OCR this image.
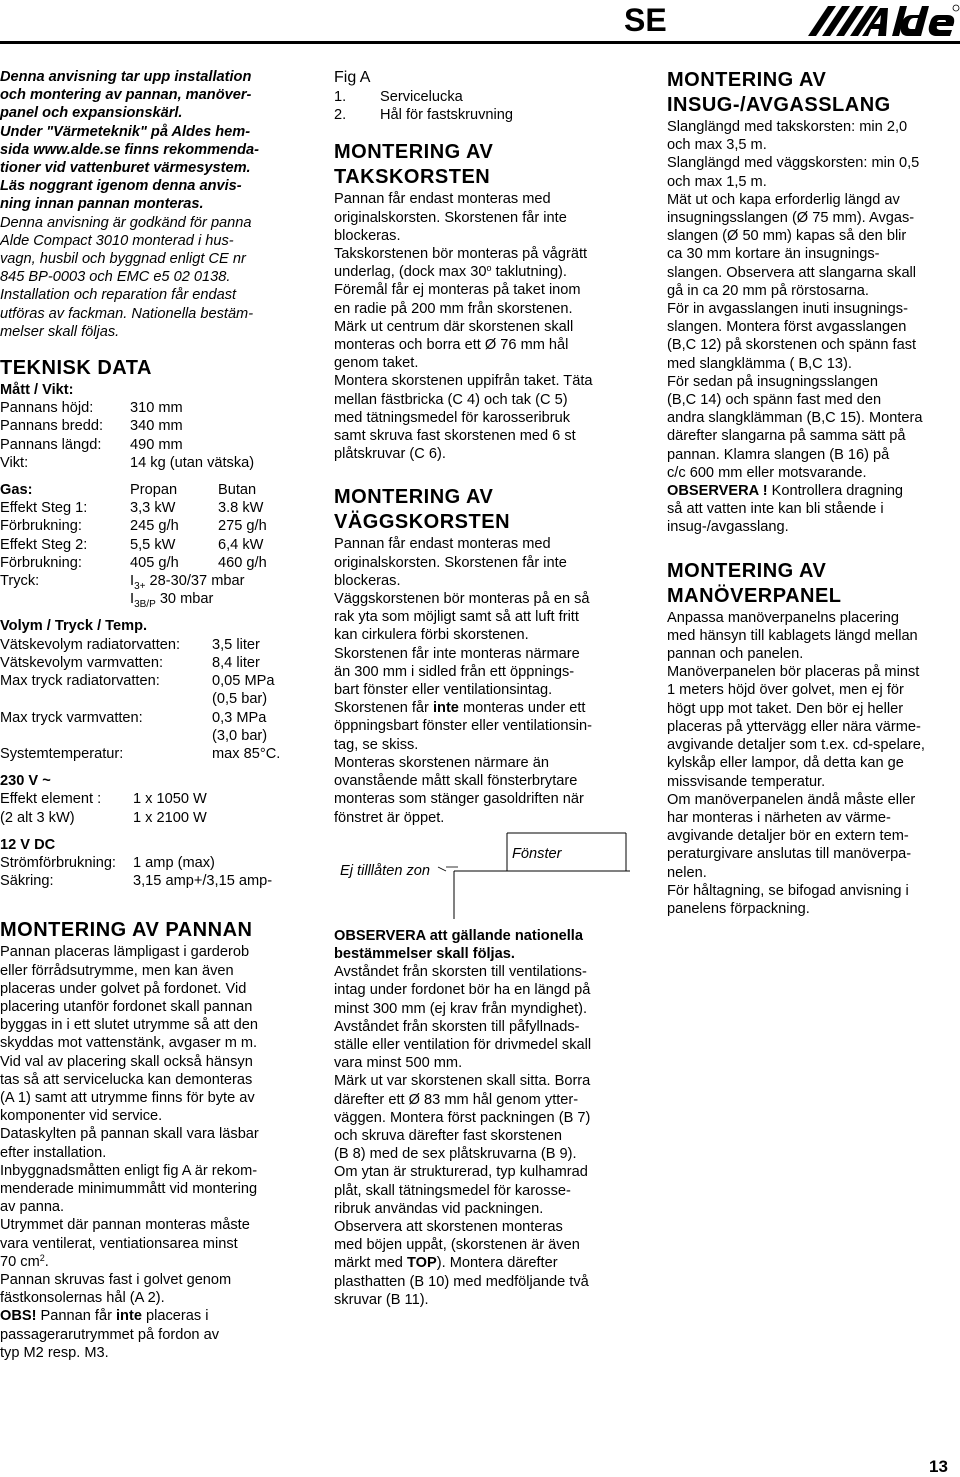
SE

Denna anvisning tar upp installation

och montering av pannan, manöver-

panel och expansionskärl.

Under "Värmeteknik" på Aldes hem-

sida www.alde.se finns rekommenda-

tioner vid vattenburet värmesystem.

Läs noggrant igenom denna anvis-

ning innan pannan monteras.

Denna anvisning är godkänd för panna

Alde Compact 3010 monterad i hus-

vagn, husbil och byggnad enligt CE nr

845 BP-0003 och EMC e5 02 0138.

Installation och reparation får endast

utföras av fackman. Nationella bestäm-

melser skall följas.

TEKNISK DATA

Mått / Vikt:

Pannans höjd:	310 mm
Pannans bredd:	340 mm
Pannans längd:	490 mm
Vikt:	14 kg (utan vätska)
Gas:	Propan	Butan
Effekt Steg 1:	3,3 kW	3.8 kW
Förbrukning:	245 g/h	275 g/h
Effekt Steg 2:	5,5 kW	6,4 kW
Förbrukning:	405 g/h	460 g/h
Tryck:	$I_{3+}$ 28-30/37 mbar
$I_{3B/P}$ 30 mbar

Volym / Tryck / Temp.

Vätskevolym radiatorvatten:	3,5 liter
Vätskevolym varmvatten:	8,4 liter
Max tryck radiatorvatten:	0,05 MPa
(0,5 bar)
Max tryck varmvatten:	0,3 MPa
(3,0 bar)
Systemtemperatur:	max 85°C.

230 V ~

Effekt element :	1 x 1050 W
(2 alt 3 kW)	1 x 2100 W

12 V DC

Strömförbrukning:	1 amp (max)
Säkring:	3,15 amp+/3,15 amp-

MONTERING AV PANNAN

Pannan placeras lämpligast i garderob

eller förrådsutrymme, men kan även

placeras under golvet på fordonet. Vid

placering utanför fordonet skall pannan

byggas in i ett slutet utrymme så att den

skyddas mot vattenstänk, avgaser m m.

Vid val av placering skall också hänsyn

tas så att servicelucka kan demonteras

(A 1) samt att utrymme finns för byte av

komponenter vid service.

Dataskylten på pannan skall vara läsbar

efter installation.

Inbyggnadsmåtten enligt fig A är rekom-

menderade minimummått vid montering

av panna.

Utrymmet där pannan monteras måste

vara ventilerat, ventiationsarea minst

70 $cm^2$.

Pannan skruvas fast i golvet genom

fästkonsolernas hål (A 2).

OBS! Pannan får inte placeras i

passagerarutrymmet på fordon av

typ M2 resp. M3.

Fig A

1.	Servicelucka
2.	Hål för fastskruvning

MONTERING AV

TAKSKORSTEN

Pannan får endast monteras med

originalskorsten. Skorstenen får inte

blockeras.

Takskorstenen bör monteras på vågrätt

underlag, (dock max 30$^o$ taklutning).

Föremål får ej monteras på taket inom

en radie på 200 mm från skorstenen.

Märk ut centrum där skorstenen skall

monteras och borra ett Ø 76 mm hål

genom taket.

Montera skorstenen uppifrån taket. Täta

mellan fästbricka (C 4) och tak (C 5)

med tätningsmedel för karosseribruk

samt skruva fast skorstenen med 6 st

plåtskruvar (C 6).

MONTERING AV

VÄGGSKORSTEN

Pannan får endast monteras med

originalskorsten. Skorstenen får inte

blockeras.

Väggskorstenen bör monteras på en så

rak yta som möjligt samt så att luft fritt

kan cirkulera förbi skorstenen.

Skorstenen får inte monteras närmare

än 300 mm i sidled från ett öppnings-

bart fönster eller ventilationsintag.

Skorstenen får inte monteras under ett

öppningsbart fönster eller ventilationsin-

tag, se skiss.

Monteras skorstenen närmare än

ovanstående mått skall fönsterbrytare

monteras som stänger gasoldriften när

fönstret är öppet.

Fönster
Ej tilllåten zon

OBSERVERA att gällande nationella

bestämmelser skall följas.

Avståndet från skorsten till ventilations-

intag under fordonet bör ha en längd på

minst 300 mm (ej krav från myndighet).

Avståndet från skorsten till påfyllnads-

ställe eller ventilation för drivmedel skall

vara minst 500 mm.

Märk ut var skorstenen skall sitta. Borra

därefter ett Ø 83 mm hål genom ytter-

väggen. Montera först packningen (B 7)

och skruva därefter fast skorstenen

(B 8) med de sex plåtskruvarna (B 9).

Om ytan är strukturerad, typ kulhamrad

plåt, skall tätningsmedel för karosse-

ribruk användas vid packningen.

Observera att skorstenen monteras

med böjen uppåt, (skorstenen är även

märkt med TOP). Montera därefter

plasthatten (B 10) med medföljande två

skruvar (B 11).

MONTERING AV

INSUG-/AVGASSLANG

Slanglängd med takskorsten: min 2,0

och max 3,5 m.

Slanglängd med väggskorsten: min 0,5

och max 1,5 m.

Mät ut och kapa erforderlig längd av

insugningsslangen (Ø 75 mm). Avgas-

slangen (Ø 50 mm) kapas så den blir

ca 30 mm kortare än insugnings-

slangen. Observera att slangarna skall

gå in ca 20 mm på rörstosarna.

För in avgasslangen inuti insugnings-

slangen. Montera först avgasslangen

(B,C 12) på skorstenen och spänn fast

med slangklämma ( B,C 13).

För sedan på insugningsslangen

(B,C 14) och spänn fast med den

andra slangklämman (B,C 15). Montera

därefter slangarna på samma sätt på

pannan. Klamra slangen (B 16) på

c/c 600 mm eller motsvarande.

OBSERVERA ! Kontrollera dragning

så att vatten inte kan bli stående i

insug-/avgasslang.

MONTERING AV

MANÖVERPANEL

Anpassa manöverpanelns placering

med hänsyn till kablagets längd mellan

pannan och panelen.

Manöverpanelen bör placeras på minst

1 meters höjd över golvet, men ej för

högt upp mot taket. Den bör ej heller

placeras på yttervägg eller nära värme-

avgivande detaljer som t.ex. cd-spelare,

kylskåp eller lampor, då detta kan ge

missvisande temperatur.

Om manöverpanelen ändå måste eller

har monteras i närheten av värme-

avgivande detaljer bör en extern tem-

peraturgivare anslutas till manöverpa-

nelen.

För håltagning, se bifogad anvisning i

panelens förpackning.

13
